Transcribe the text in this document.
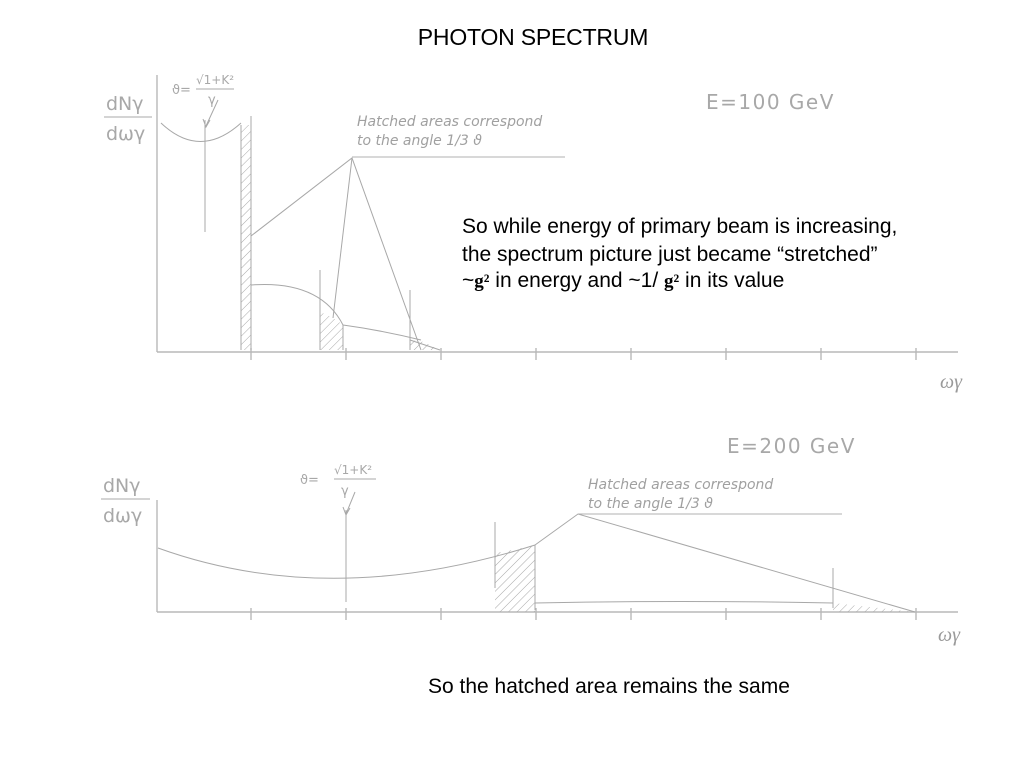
PHOTON SPECTRUM
dNγ
dωγ
ϑ=
√1+K²
γ
Hatched areas correspond
to the angle 1/3 ϑ
E=100 GeV
ωγ
dNγ
dωγ
ϑ=
√1+K²
γ	Hatched areas correspond
to the angle 1/3 ϑ
E=200 GeV
ωγ
So while energy of primary beam is increasing,
the spectrum picture just became “stretched”
~g² in energy and ~1/ g² in its value
So the hatched area remains the same
